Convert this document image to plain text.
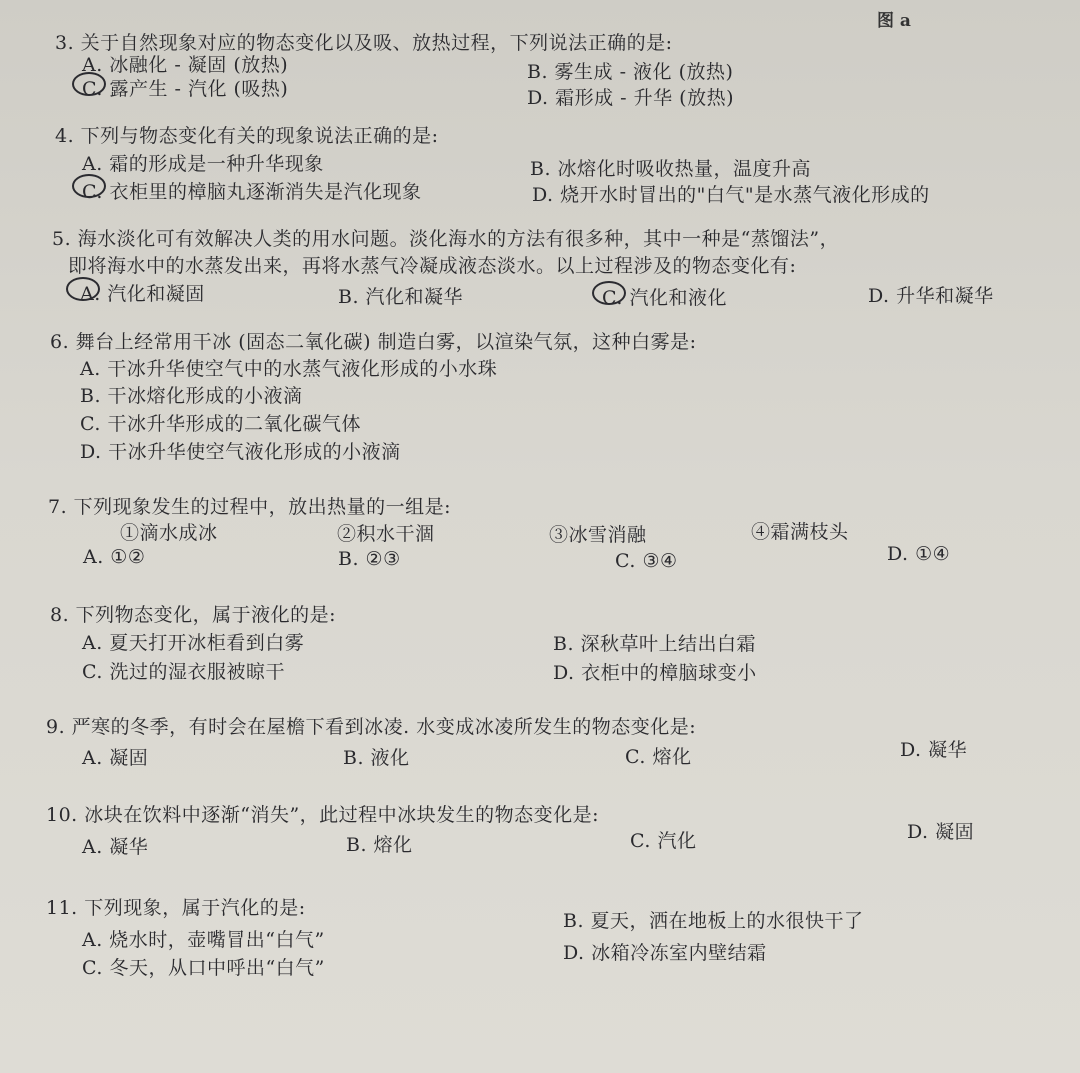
图 a
3. 关于自然现象对应的物态变化以及吸、放热过程，下列说法正确的是:
A. 冰融化 - 凝固 (放热)	B. 雾生成 - 液化 (放热)
C. 露产生 - 汽化 (吸热)	D. 霜形成 - 升华 (放热)
4. 下列与物态变化有关的现象说法正确的是:
A. 霜的形成是一种升华现象	B. 冰熔化时吸收热量，温度升高
C. 衣柜里的樟脑丸逐渐消失是汽化现象	D. 烧开水时冒出的"白气"是水蒸气液化形成的
5. 海水淡化可有效解决人类的用水问题。淡化海水的方法有很多种，其中一种是“蒸馏法”，
即将海水中的水蒸发出来，再将水蒸气冷凝成液态淡水。以上过程涉及的物态变化有:
A. 汽化和凝固	B. 汽化和凝华	C. 汽化和液化	D. 升华和凝华
6. 舞台上经常用干冰 (固态二氧化碳) 制造白雾，以渲染气氛，这种白雾是:
A. 干冰升华使空气中的水蒸气液化形成的小水珠
B. 干冰熔化形成的小液滴
C. 干冰升华形成的二氧化碳气体
D. 干冰升华使空气液化形成的小液滴
7. 下列现象发生的过程中，放出热量的一组是:
①滴水成冰	②积水干涸	③冰雪消融	④霜满枝头
A. ①②	B. ②③	C. ③④	D. ①④
8. 下列物态变化，属于液化的是:
A. 夏天打开冰柜看到白雾	B. 深秋草叶上结出白霜
C. 洗过的湿衣服被晾干	D. 衣柜中的樟脑球变小
9. 严寒的冬季，有时会在屋檐下看到冰凌. 水变成冰凌所发生的物态变化是:
A. 凝固	B. 液化	C. 熔化	D. 凝华
10. 冰块在饮料中逐渐“消失”，此过程中冰块发生的物态变化是:
A. 凝华	B. 熔化	C. 汽化	D. 凝固
11. 下列现象，属于汽化的是:
A. 烧水时，壶嘴冒出“白气”
B. 夏天，洒在地板上的水很快干了
C. 冬天，从口中呼出“白气”
D. 冰箱冷冻室内壁结霜
